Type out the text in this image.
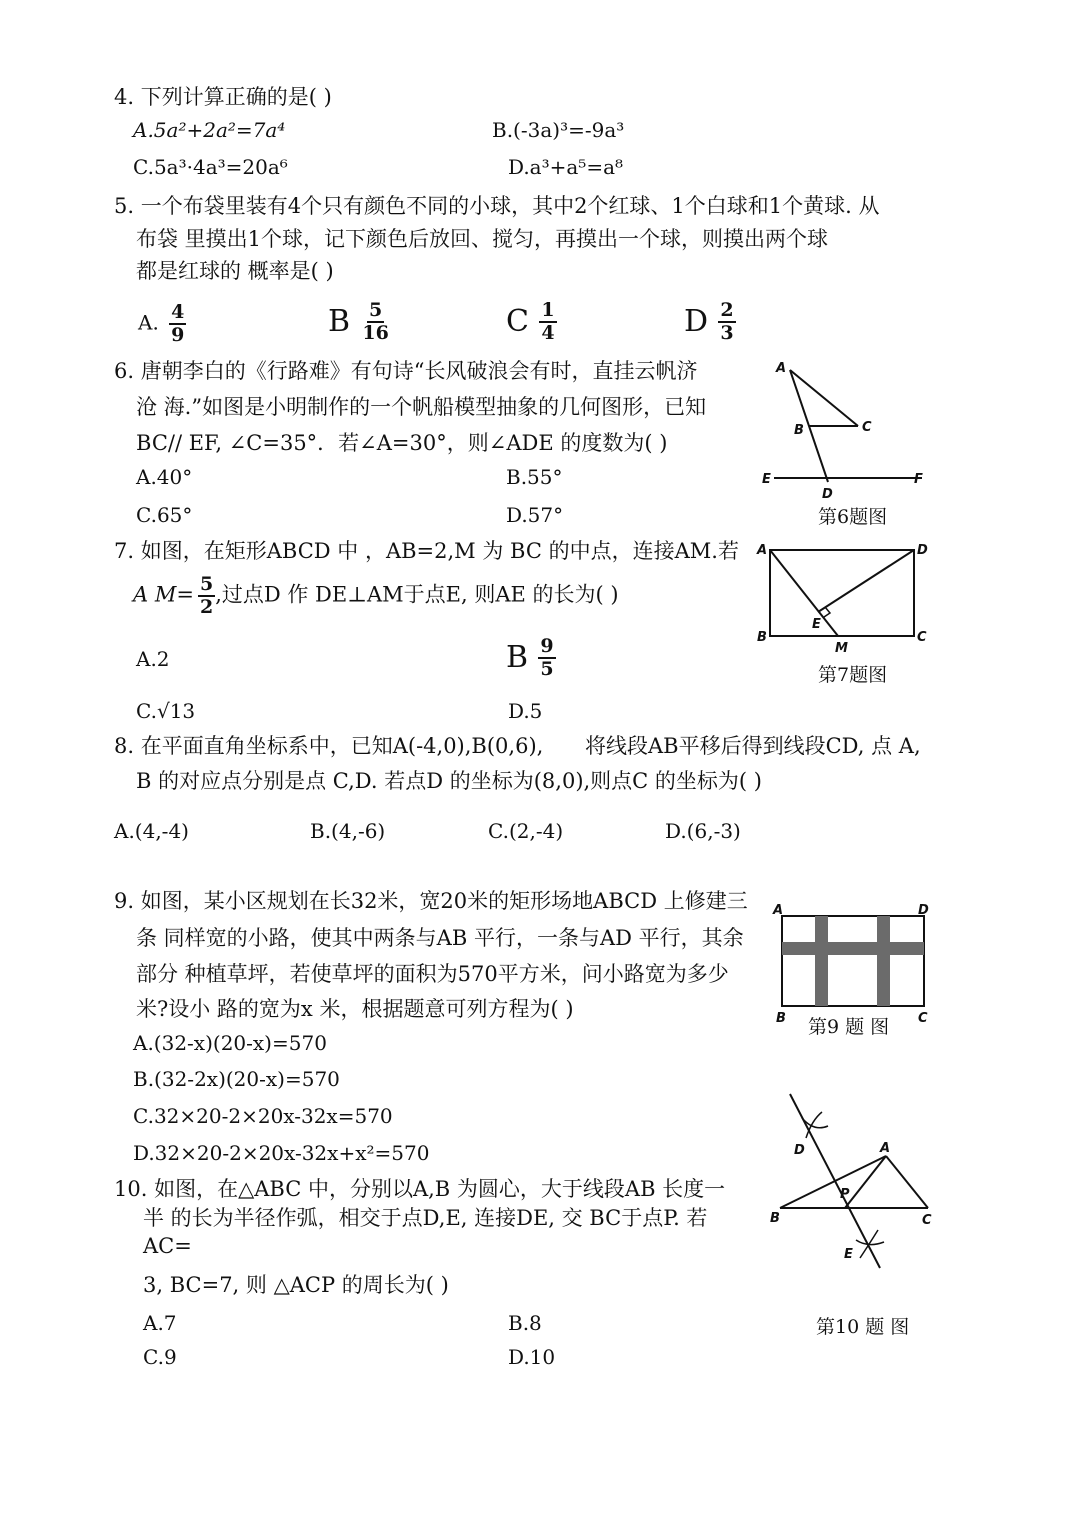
4. 下列计算正确的是( )
A.5a²+2a²=7a⁴	B.(-3a)³=-9a³
C.5a³·4a³=20a⁶	D.a³+a⁵=a⁸
5. 一个布袋里装有4个只有颜色不同的小球，其中2个红球、1个白球和1个黄球. 从
布袋 里摸出1个球，记下颜色后放回、搅匀，再摸出一个球，则摸出两个球
都是红球的 概率是( )
A. $\frac{4}{9}$	B $\frac{5}{16}$	C $\frac{1}{4}$	D $\frac{2}{3}$
6. 唐朝李白的《行路难》有句诗“长风破浪会有时，直挂云帆济
沧 海.”如图是小明制作的一个帆船模型抽象的几何图形，已知
BC// EF, ∠C=35°．若∠A=30°，则∠ADE 的度数为( )
A.40°	B.55°
C.65°	D.57°
A
B	C
E
D
F
第6题图
7. 如图，在矩形ABCD 中 ，AB=2,M 为 BC 的中点，连接AM.若
A $M= \frac{5}{2}$ ,过点D 作 DE⊥AM于点E, 则AE 的长为( )
A.2	B $\frac{9}{5}$
C.√13	D.5
A	D
B	C
E
M
第7题图
8. 在平面直角坐标系中，已知A(-4,0),B(0,6), 将线段AB平移后得到线段CD, 点 A,
B 的对应点分别是点 C,D. 若点D 的坐标为(8,0),则点C 的坐标为( )
A.(4,-4)	B.(4,-6)	C.(2,-4)	D.(6,-3)
9. 如图，某小区规划在长32米，宽20米的矩形场地ABCD 上修建三
条 同样宽的小路，使其中两条与AB 平行，一条与AD 平行，其余
部分 种植草坪，若使草坪的面积为570平方米，问小路宽为多少
米?设小 路的宽为x 米，根据题意可列方程为( )
A.(32-x)(20-x)=570
B.(32-2x)(20-x)=570
C.32×20-2×20x-32x=570
D.32×20-2×20x-32x+x²=570
A	D
B	C
第9 题 图
10. 如图，在△ABC 中，分别以A,B 为圆心，大于线段AB 长度一
半 的长为半径作弧，相交于点D,E, 连接DE, 交 BC于点P. 若
AC=
3, BC=7, 则 △ACP 的周长为( )
A.7	B.8
C.9	D.10
D	A
P
B	C
E
第10 题 图
